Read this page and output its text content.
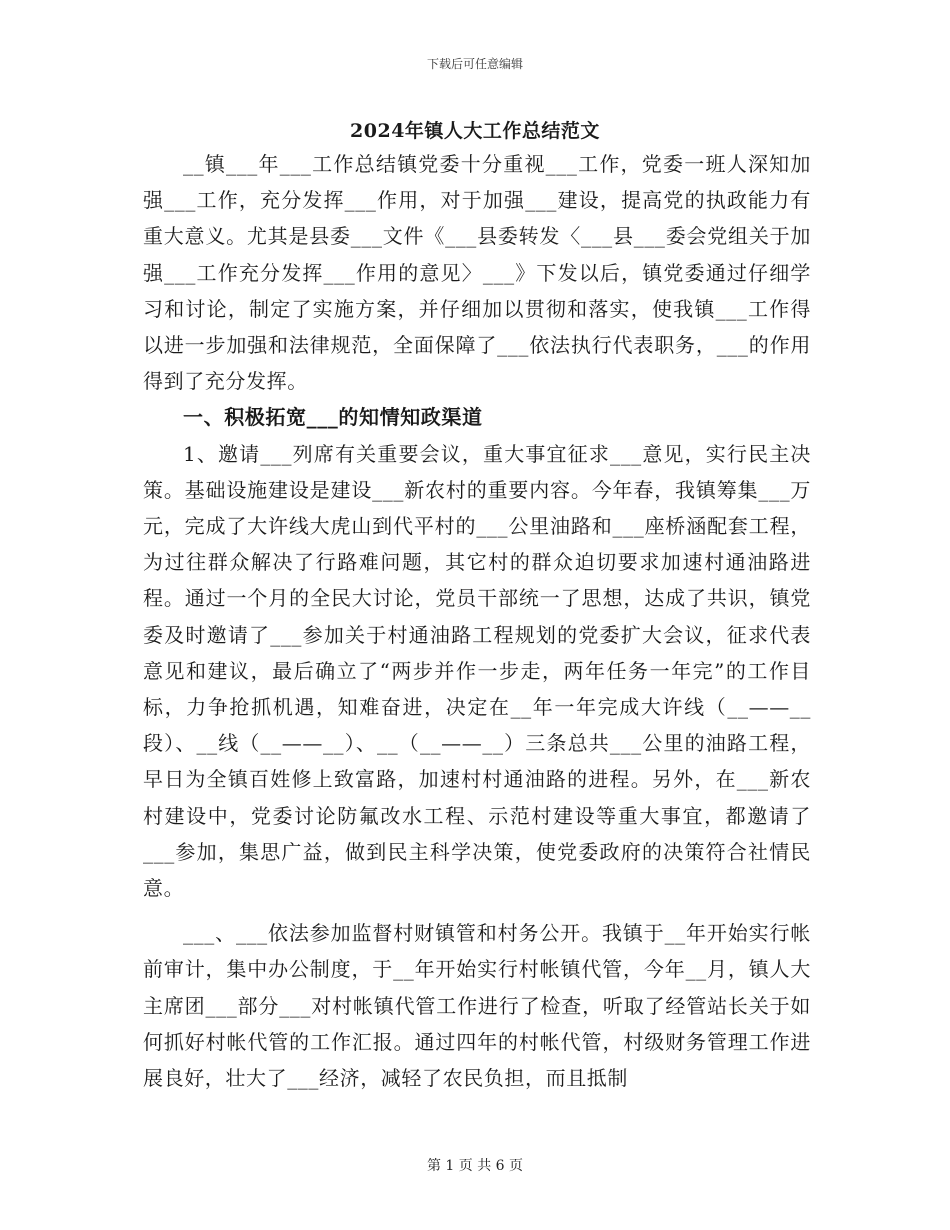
下载后可任意编辑
2024年镇人大工作总结范文

__镇___年___工作总结镇党委十分重视___工作，党委一班人深知加强___工作，充分发挥___作用，对于加强___建设，提高党的执政能力有重大意义。尤其是县委___文件《___县委转发〈___县___委会党组关于加强___工作充分发挥___作用的意见〉___》下发以后，镇党委通过仔细学习和讨论，制定了实施方案，并仔细加以贯彻和落实，使我镇___工作得以进一步加强和法律规范，全面保障了___依法执行代表职务，___的作用得到了充分发挥。

一、积极拓宽___的知情知政渠道

1、邀请___列席有关重要会议，重大事宜征求___意见，实行民主决策。基础设施建设是建设___新农村的重要内容。今年春，我镇筹集___万元，完成了大许线大虎山到代平村的___公里油路和___座桥涵配套工程，为过往群众解决了行路难问题，其它村的群众迫切要求加速村通油路进程。通过一个月的全民大讨论，党员干部统一了思想，达成了共识，镇党委及时邀请了___参加关于村通油路工程规划的党委扩大会议，征求代表意见和建议，最后确立了“两步并作一步走，两年任务一年完”的工作目标，力争抢抓机遇，知难奋进，决定在__年一年完成大许线（__——__段）、__线（__——__）、__（__——__）三条总共___公里的油路工程，早日为全镇百姓修上致富路，加速村村通油路的进程。另外，在___新农村建设中，党委讨论防氟改水工程、示范村建设等重大事宜，都邀请了___参加，集思广益，做到民主科学决策，使党委政府的决策符合社情民意。

___、___依法参加监督村财镇管和村务公开。我镇于__年开始实行帐前审计，集中办公制度，于__年开始实行村帐镇代管，今年__月，镇人大主席团___部分___对村帐镇代管工作进行了检查，听取了经管站长关于如何抓好村帐代管的工作汇报。通过四年的村帐代管，村级财务管理工作进展良好，壮大了___经济，减轻了农民负担，而且抵制

第 1 页 共 6 页
